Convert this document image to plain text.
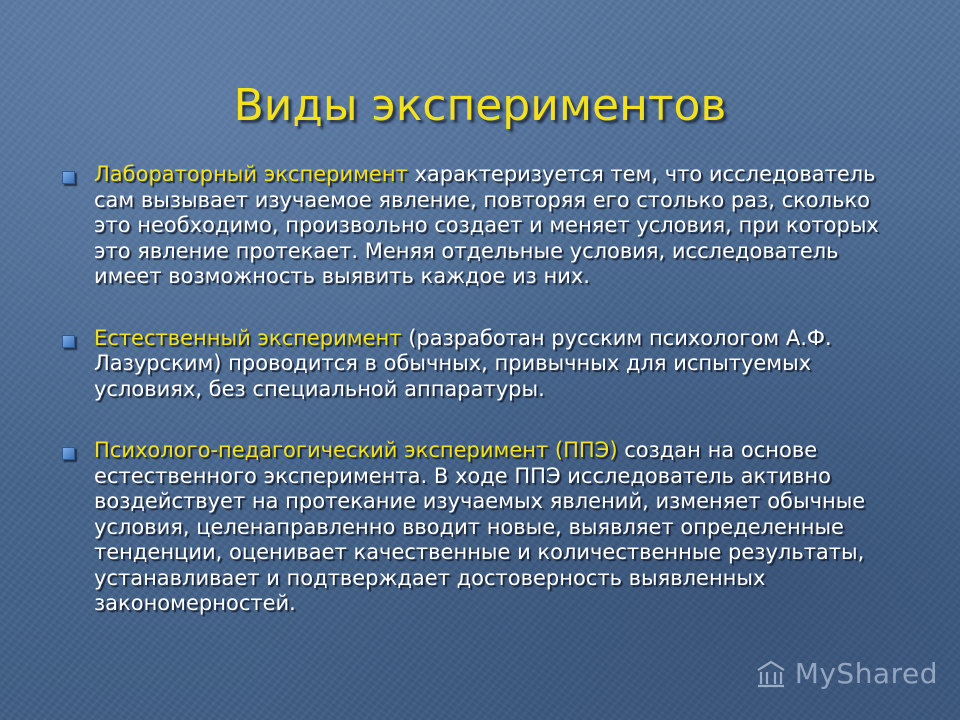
Виды экспериментов
Лабораторный эксперимент характеризуется тем, что исследователь сам вызывает изучаемое явление, повторяя его столько раз, сколько это необходимо, произвольно создает и меняет условия, при которых это явление протекает. Меняя отдельные условия, исследователь имеет возможность выявить каждое из них.
Естественный эксперимент (разработан русским психологом А.Ф. Лазурским) проводится в обычных, привычных для испытуемых условиях, без специальной аппаратуры.
Психолого-педагогический эксперимент (ППЭ) создан на основе естественного эксперимента. В ходе ППЭ исследователь активно воздействует на протекание изучаемых явлений, изменяет обычные условия, целенаправленно вводит новые, выявляет определенные тенденции, оценивает качественные и количественные результаты, устанавливает и подтверждает достоверность выявленных закономерностей.
MyShared
